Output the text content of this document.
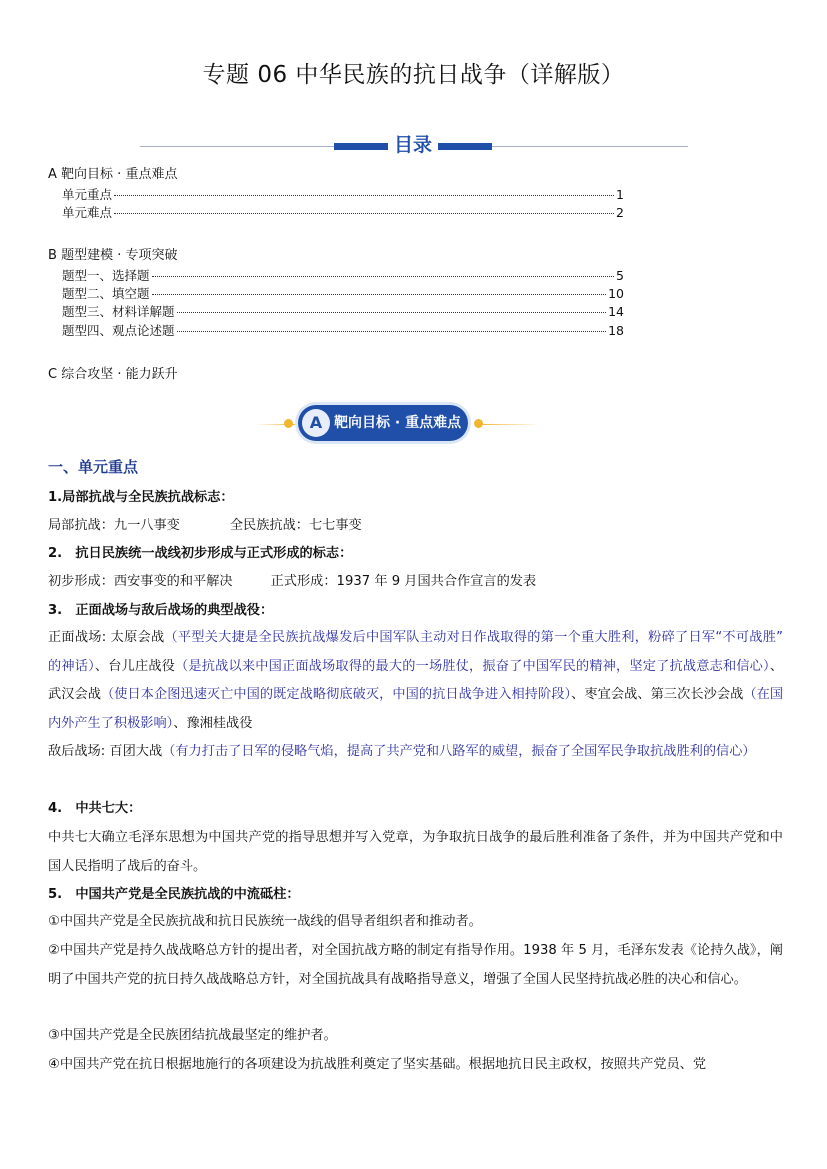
专题 06 中华民族的抗日战争（详解版）
目录
A 靶向目标 · 重点难点
单元重点	1
单元难点	2
B 题型建模 · 专项突破
题型一、选择题	5
题型二、填空题	10
题型三、材料详解题	14
题型四、观点论述题	18
C 综合攻坚 · 能力跃升
A 靶向目标 · 重点难点
一、单元重点
1.局部抗战与全民族抗战标志：
局部抗战：九一八事变	全民族抗战：七七事变
2.　抗日民族统一战线初步形成与正式形成的标志：
初步形成：西安事变的和平解决	正式形成：1937 年 9 月国共合作宣言的发表
3.　正面战场与敌后战场的典型战役：
正面战场: 太原会战（平型关大捷是全民族抗战爆发后中国军队主动对日作战取得的第一个重大胜利，粉碎了日军“不可战胜” 的神话）、台儿庄战役（是抗战以来中国正面战场取得的最大的一场胜仗，振奋了中国军民的精神，坚定了抗战意志和信心）、武汉会战（使日本企图迅速灭亡中国的既定战略彻底破灭，中国的抗日战争进入相持阶段）、枣宜会战、第三次长沙会战（在国内外产生了积极影响）、豫湘桂战役
敌后战场: 百团大战（有力打击了日军的侵略气焰，提高了共产党和八路军的威望，振奋了全国军民争取抗战胜利的信心）
4.　中共七大：
中共七大确立毛泽东思想为中国共产党的指导思想并写入党章，为争取抗日战争的最后胜利准备了条件，并为中国共产党和中国人民指明了战后的奋斗。
5.　中国共产党是全民族抗战的中流砥柱：
①中国共产党是全民族抗战和抗日民族统一战线的倡导者组织者和推动者。
②中国共产党是持久战战略总方针的提出者，对全国抗战方略的制定有指导作用。1938 年 5 月，毛泽东发表《论持久战》，阐明了中国共产党的抗日持久战战略总方针，对全国抗战具有战略指导意义，增强了全国人民坚持抗战必胜的决心和信心。
③中国共产党是全民族团结抗战最坚定的维护者。
④中国共产党在抗日根据地施行的各项建设为抗战胜利奠定了坚实基础。根据地抗日民主政权，按照共产党员、党
